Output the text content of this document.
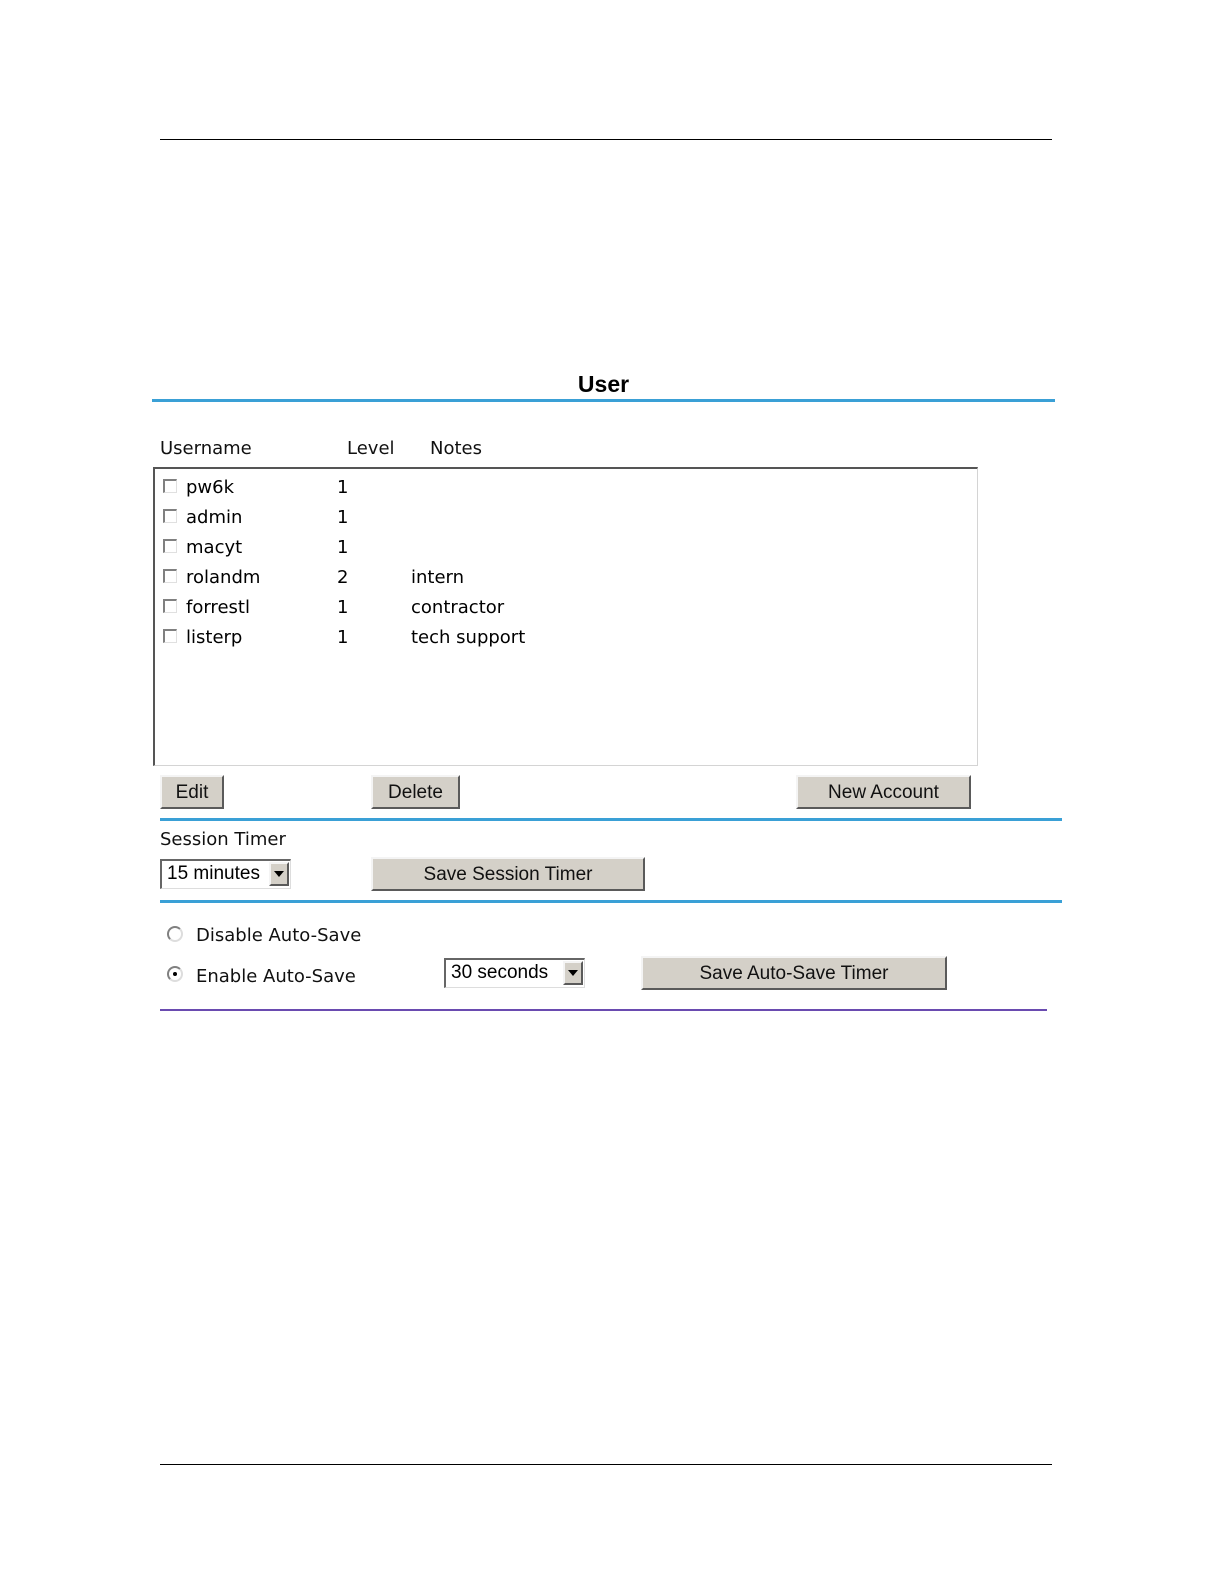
User
Username	Level Notes
pw6k	1
admin	1
macyt	1
rolandm	2	intern
forrestl	1	contractor
listerp	1	tech support
Edit	Delete	New Account
Session Timer
15 minutes	Save Session Timer
Disable Auto-Save
Enable Auto-Save	30 seconds	Save Auto-Save Timer
